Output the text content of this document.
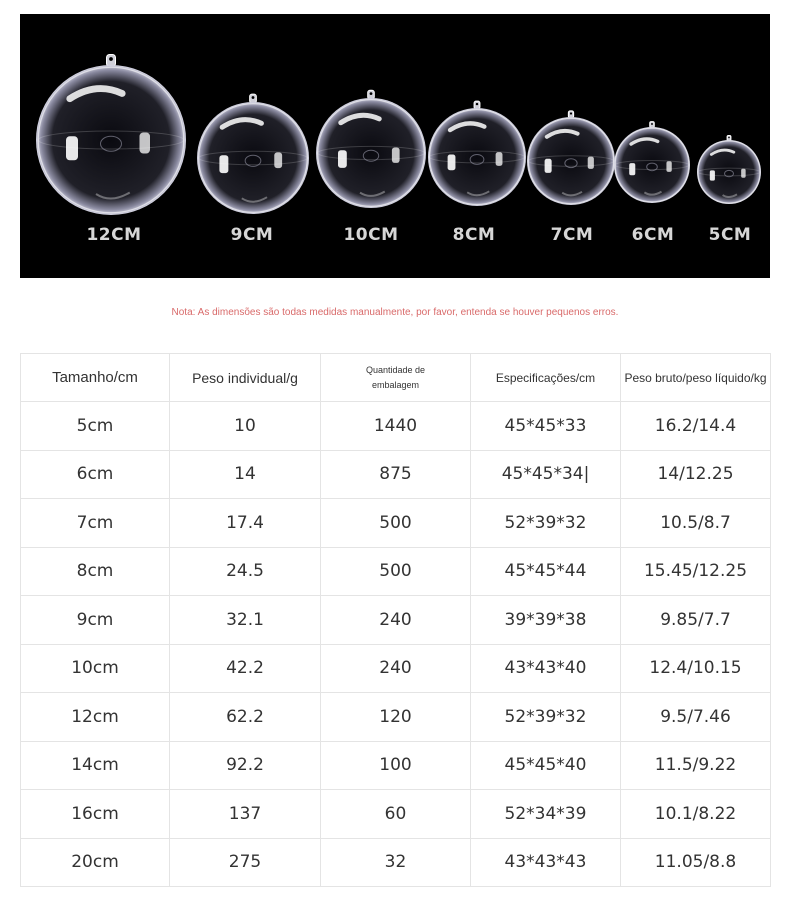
12CM	9CM	10CM	8CM	7CM	6CM	5CM
Nota: As dimensões são todas medidas manualmente, por favor, entenda se houver pequenos erros.
Tamanho/cm	Peso individual/g	Quantidade de embalagem	Especificações/cm	Peso bruto/peso líquido/kg
5cm	10	1440	45*45*33	16.2/14.4
6cm	14	875	45*45*34|	14/12.25
7cm	17.4	500	52*39*32	10.5/8.7
8cm	24.5	500	45*45*44	15.45/12.25
9cm	32.1	240	39*39*38	9.85/7.7
10cm	42.2	240	43*43*40	12.4/10.15
12cm	62.2	120	52*39*32	9.5/7.46
14cm	92.2	100	45*45*40	11.5/9.22
16cm	137	60	52*34*39	10.1/8.22
20cm	275	32	43*43*43	11.05/8.8
